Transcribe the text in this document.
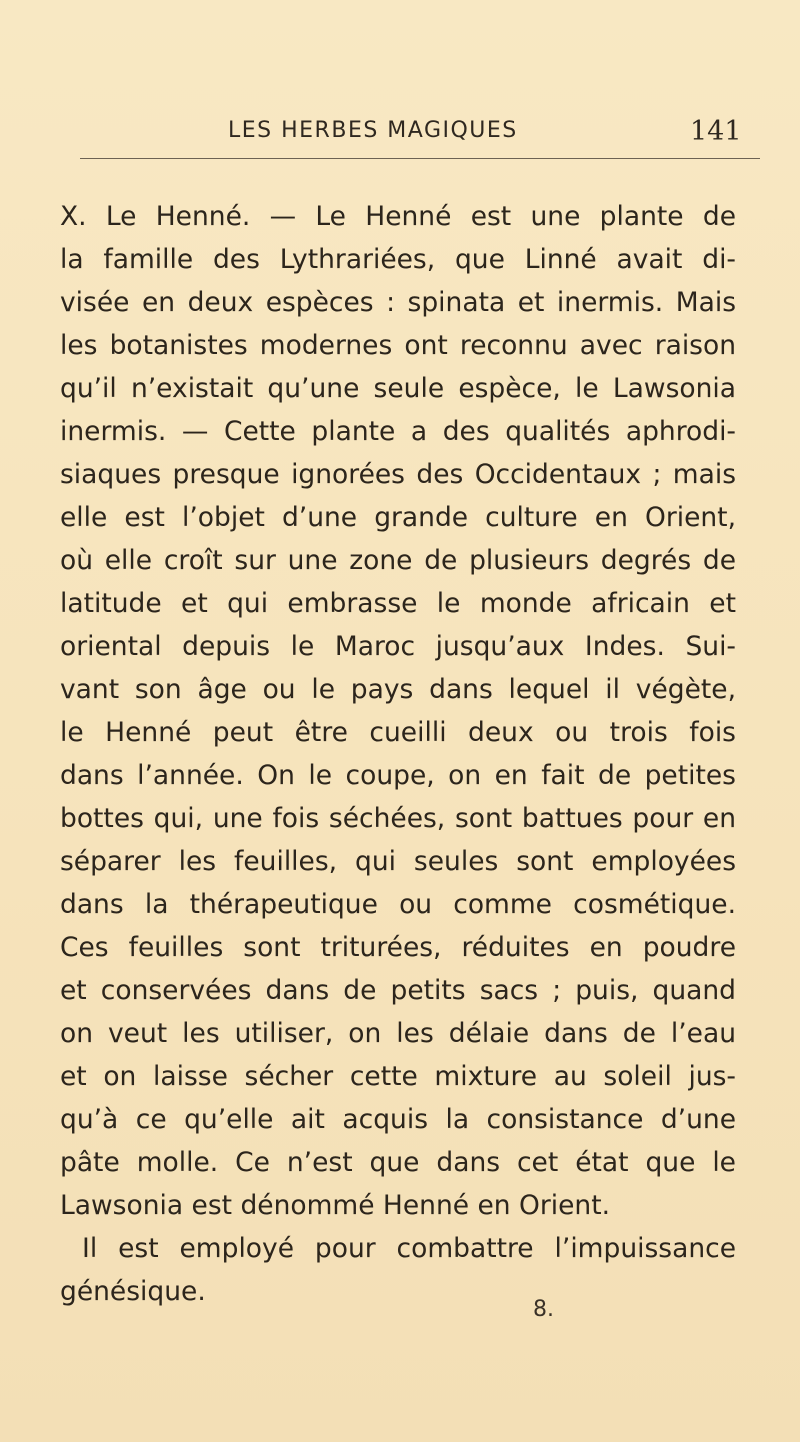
LES HERBES MAGIQUES	141
X. Le Henné. — Le Henné est une plante de
la famille des Lythrariées, que Linné avait di-
visée en deux espèces : spinata et inermis. Mais
les botanistes modernes ont reconnu avec raison
qu’il n’existait qu’une seule espèce, le Lawsonia
inermis. — Cette plante a des qualités aphrodi-
siaques presque ignorées des Occidentaux ; mais
elle est l’objet d’une grande culture en Orient,
où elle croît sur une zone de plusieurs degrés de
latitude et qui embrasse le monde africain et
oriental depuis le Maroc jusqu’aux Indes. Sui-
vant son âge ou le pays dans lequel il végète,
le Henné peut être cueilli deux ou trois fois
dans l’année. On le coupe, on en fait de petites
bottes qui, une fois séchées, sont battues pour en
séparer les feuilles, qui seules sont employées
dans la thérapeutique ou comme cosmétique.
Ces feuilles sont triturées, réduites en poudre
et conservées dans de petits sacs ; puis, quand
on veut les utiliser, on les délaie dans de l’eau
et on laisse sécher cette mixture au soleil jus-
qu’à ce qu’elle ait acquis la consistance d’une
pâte molle. Ce n’est que dans cet état que le
Lawsonia est dénommé Henné en Orient.
Il est employé pour combattre l’impuissance
génésique.
8.
